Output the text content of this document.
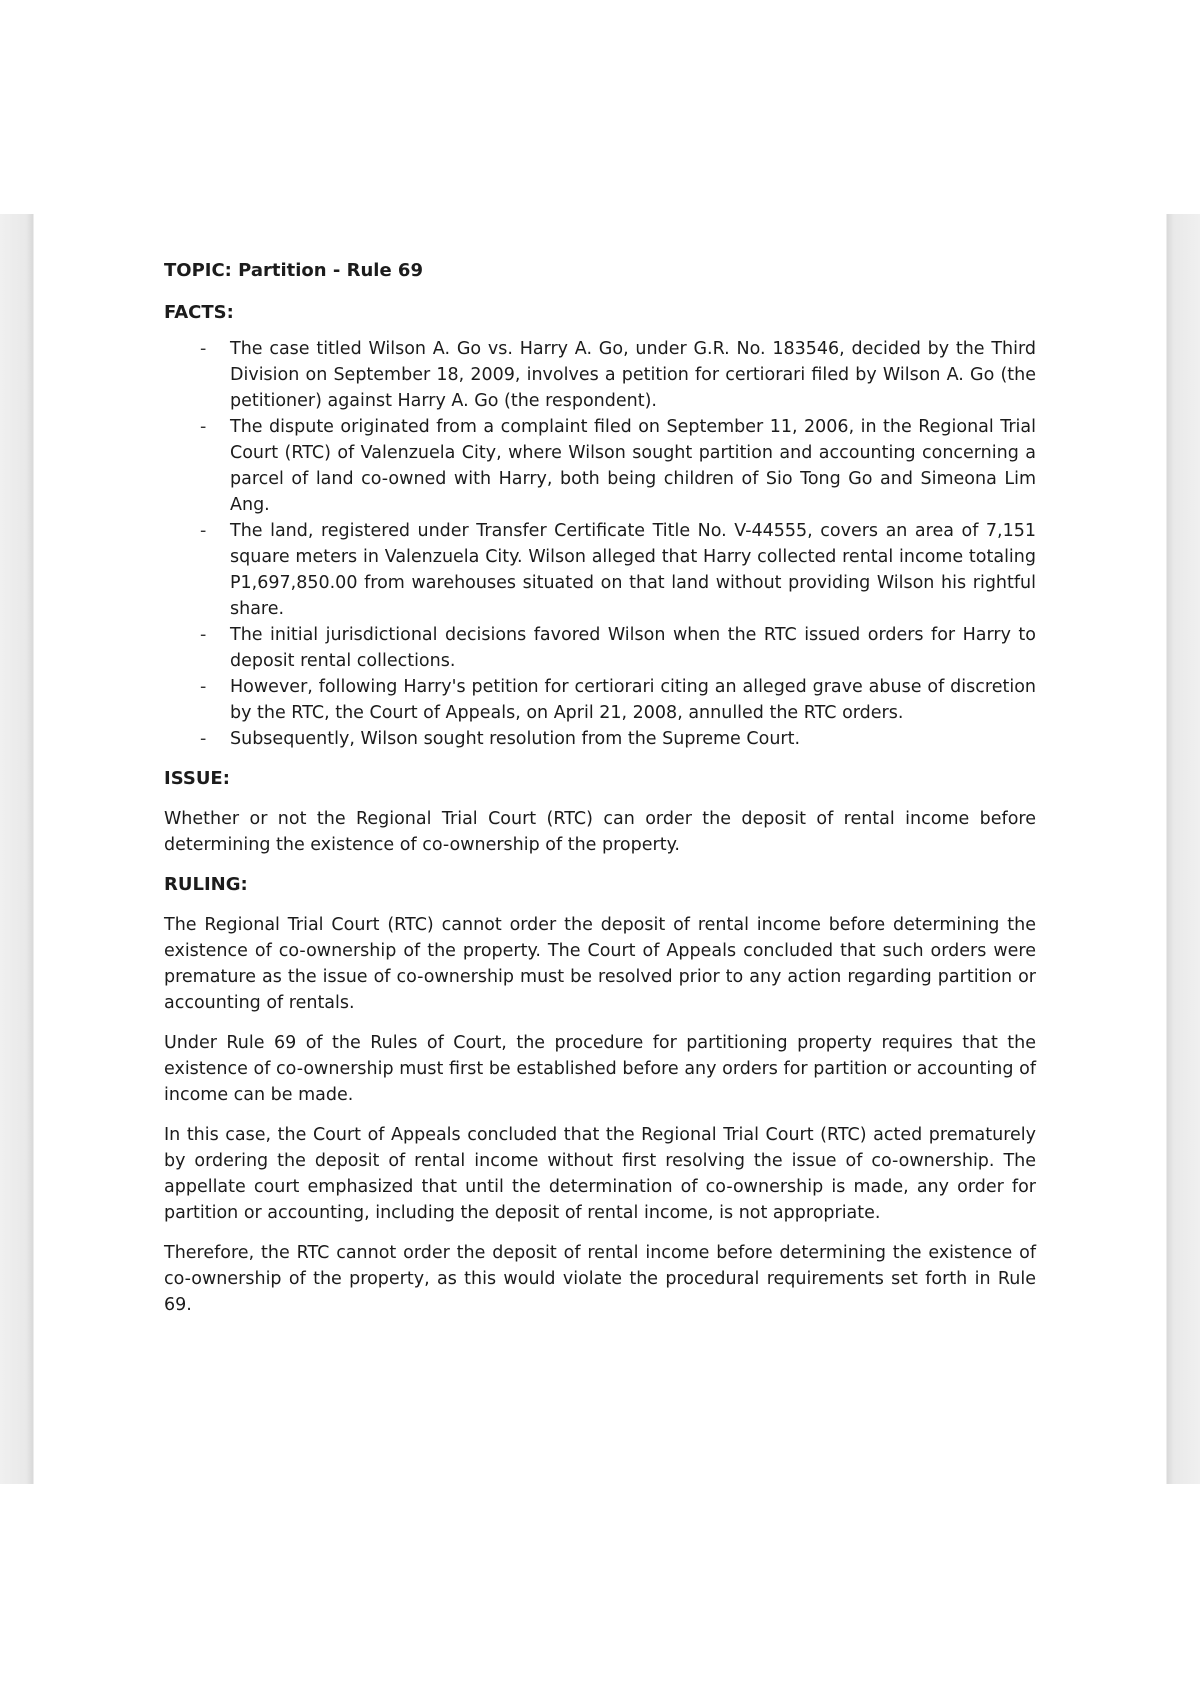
TOPIC: Partition - Rule 69

FACTS:

- The case titled Wilson A. Go vs. Harry A. Go, under G.R. No. 183546, decided by the Third Division on September 18, 2009, involves a petition for certiorari filed by Wilson A. Go (the petitioner) against Harry A. Go (the respondent).
- The dispute originated from a complaint filed on September 11, 2006, in the Regional Trial Court (RTC) of Valenzuela City, where Wilson sought partition and accounting concerning a parcel of land co-owned with Harry, both being children of Sio Tong Go and Simeona Lim Ang.
- The land, registered under Transfer Certificate Title No. V-44555, covers an area of 7,151 square meters in Valenzuela City. Wilson alleged that Harry collected rental income totaling P1,697,850.00 from warehouses situated on that land without providing Wilson his rightful share.
- The initial jurisdictional decisions favored Wilson when the RTC issued orders for Harry to deposit rental collections.
- However, following Harry's petition for certiorari citing an alleged grave abuse of discretion by the RTC, the Court of Appeals, on April 21, 2008, annulled the RTC orders.
- Subsequently, Wilson sought resolution from the Supreme Court.

ISSUE:

Whether or not the Regional Trial Court (RTC) can order the deposit of rental income before determining the existence of co-ownership of the property.

RULING:

The Regional Trial Court (RTC) cannot order the deposit of rental income before determining the existence of co-ownership of the property. The Court of Appeals concluded that such orders were premature as the issue of co-ownership must be resolved prior to any action regarding partition or accounting of rentals.

Under Rule 69 of the Rules of Court, the procedure for partitioning property requires that the existence of co-ownership must first be established before any orders for partition or accounting of income can be made.

In this case, the Court of Appeals concluded that the Regional Trial Court (RTC) acted prematurely by ordering the deposit of rental income without first resolving the issue of co-ownership. The appellate court emphasized that until the determination of co-ownership is made, any order for partition or accounting, including the deposit of rental income, is not appropriate.

Therefore, the RTC cannot order the deposit of rental income before determining the existence of co-ownership of the property, as this would violate the procedural requirements set forth in Rule 69.
